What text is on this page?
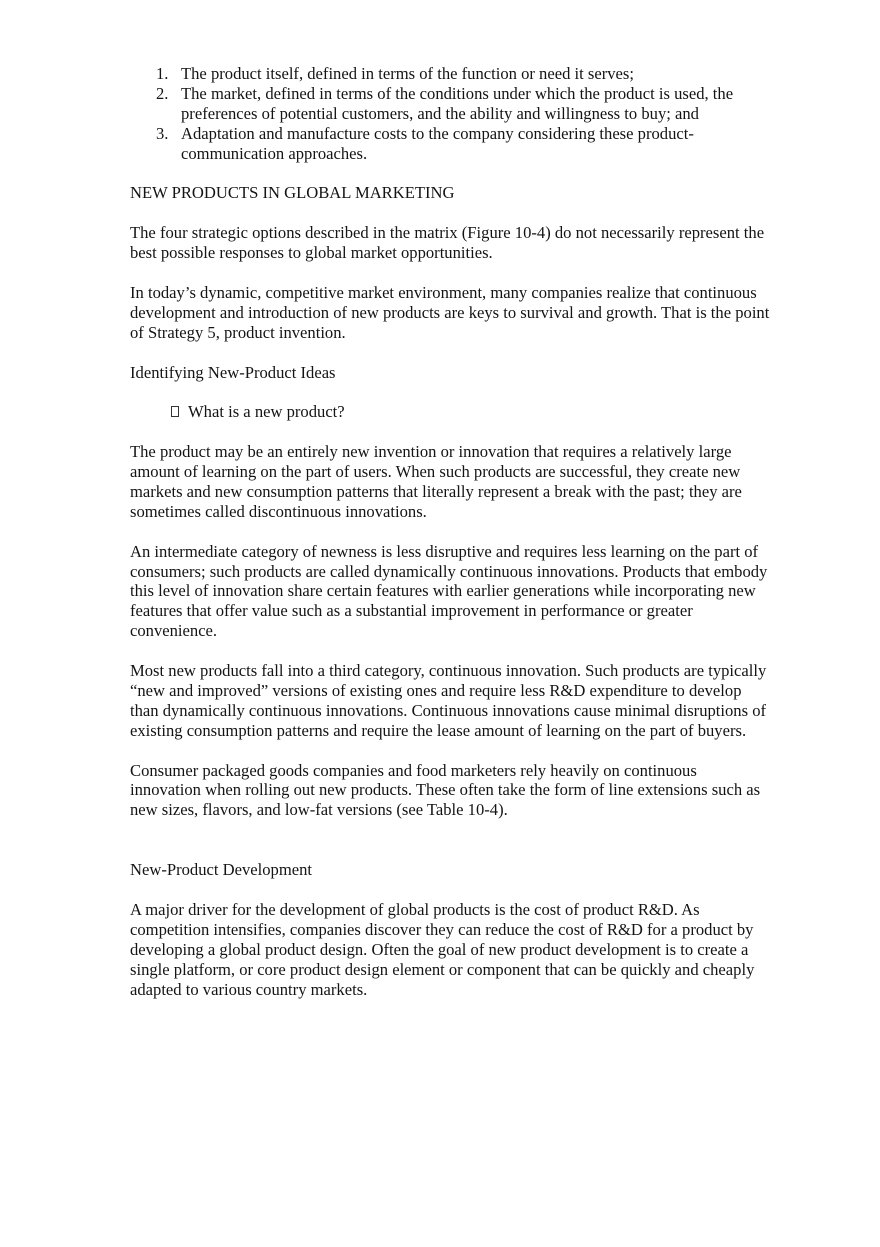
1. The product itself, defined in terms of the function or need it serves;
2. The market, defined in terms of the conditions under which the product is used, the preferences of potential customers, and the ability and willingness to buy; and
3. Adaptation and manufacture costs to the company considering these product-communication approaches.
NEW PRODUCTS IN GLOBAL MARKETING

The four strategic options described in the matrix (Figure 10-4) do not necessarily represent the best possible responses to global market opportunities.

In today’s dynamic, competitive market environment, many companies realize that continuous development and introduction of new products are keys to survival and growth. That is the point of Strategy 5, product invention.

Identifying New-Product Ideas
What is a new product?

The product may be an entirely new invention or innovation that requires a relatively large amount of learning on the part of users. When such products are successful, they create new markets and new consumption patterns that literally represent a break with the past; they are sometimes called discontinuous innovations.

An intermediate category of newness is less disruptive and requires less learning on the part of consumers; such products are called dynamically continuous innovations. Products that embody this level of innovation share certain features with earlier generations while incorporating new features that offer value such as a substantial improvement in performance or greater convenience.

Most new products fall into a third category, continuous innovation. Such products are typically “new and improved” versions of existing ones and require less R&D expenditure to develop than dynamically continuous innovations. Continuous innovations cause minimal disruptions of existing consumption patterns and require the lease amount of learning on the part of buyers.

Consumer packaged goods companies and food marketers rely heavily on continuous innovation when rolling out new products. These often take the form of line extensions such as new sizes, flavors, and low-fat versions (see Table 10-4).

New-Product Development

A major driver for the development of global products is the cost of product R&D. As competition intensifies, companies discover they can reduce the cost of R&D for a product by developing a global product design. Often the goal of new product development is to create a single platform, or core product design element or component that can be quickly and cheaply adapted to various country markets.
